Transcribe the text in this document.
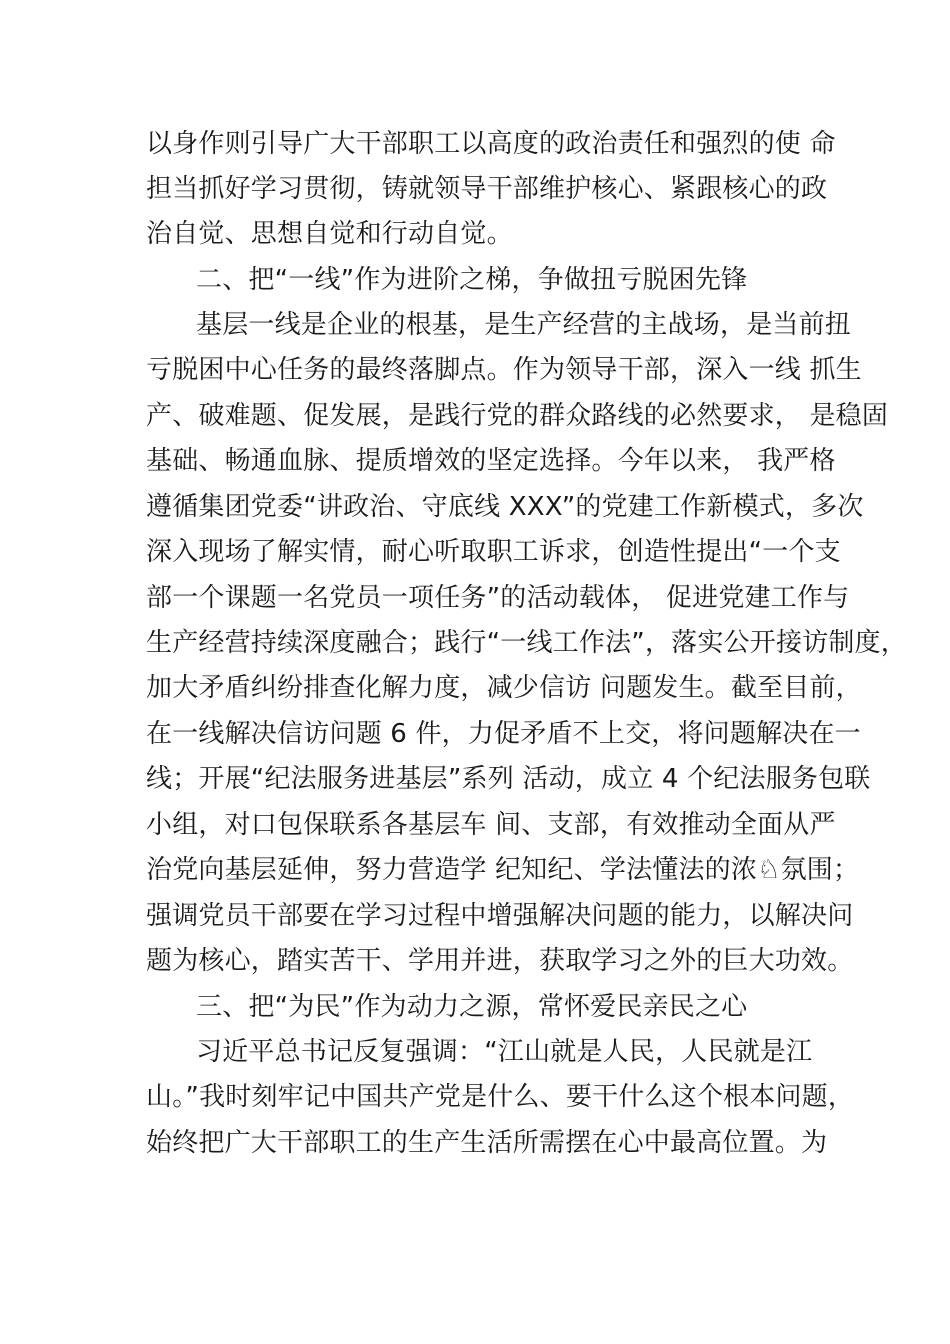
以身作则引导广大干部职工以高度的政治责任和强烈的使 命
担当抓好学习贯彻，铸就领导干部维护核心、紧跟核心的政
治自觉、思想自觉和行动自觉。
二、把“一线”作为进阶之梯，争做扭亏脱困先锋
基层一线是企业的根基，是生产经营的主战场，是当前扭
亏脱困中心任务的最终落脚点。作为领导干部，深入一线 抓生
产、破难题、促发展，是践行党的群众路线的必然要求， 是稳固
基础、畅通血脉、提质增效的坚定选择。今年以来， 我严格
遵循集团党委“讲政治、守底线 XXX”的党建工作新模式，多次
深入现场了解实情，耐心听取职工诉求，创造性提出“一个支
部一个课题一名党员一项任务”的活动载体， 促进党建工作与
生产经营持续深度融合；践行“一线工作法”，落实公开接访制度，
加大矛盾纠纷排查化解力度，减少信访 问题发生。截至目前，
在一线解决信访问题 6 件，力促矛盾不上交，将问题解决在一
线；开展“纪法服务进基层”系列 活动，成立 4 个纪法服务包联
小组，对口包保联系各基层车 间、支部，有效推动全面从严
治党向基层延伸，努力营造学 纪知纪、学法懂法的浓♘氛围；
强调党员干部要在学习过程中增强解决问题的能力，以解决问
题为核心，踏实苦干、学用并进，获取学习之外的巨大功效。
三、把“为民”作为动力之源，常怀爱民亲民之心
习近平总书记反复强调：“江山就是人民，人民就是江
山。”我时刻牢记中国共产党是什么、要干什么这个根本问题，
始终把广大干部职工的生产生活所需摆在心中最高位置。为
